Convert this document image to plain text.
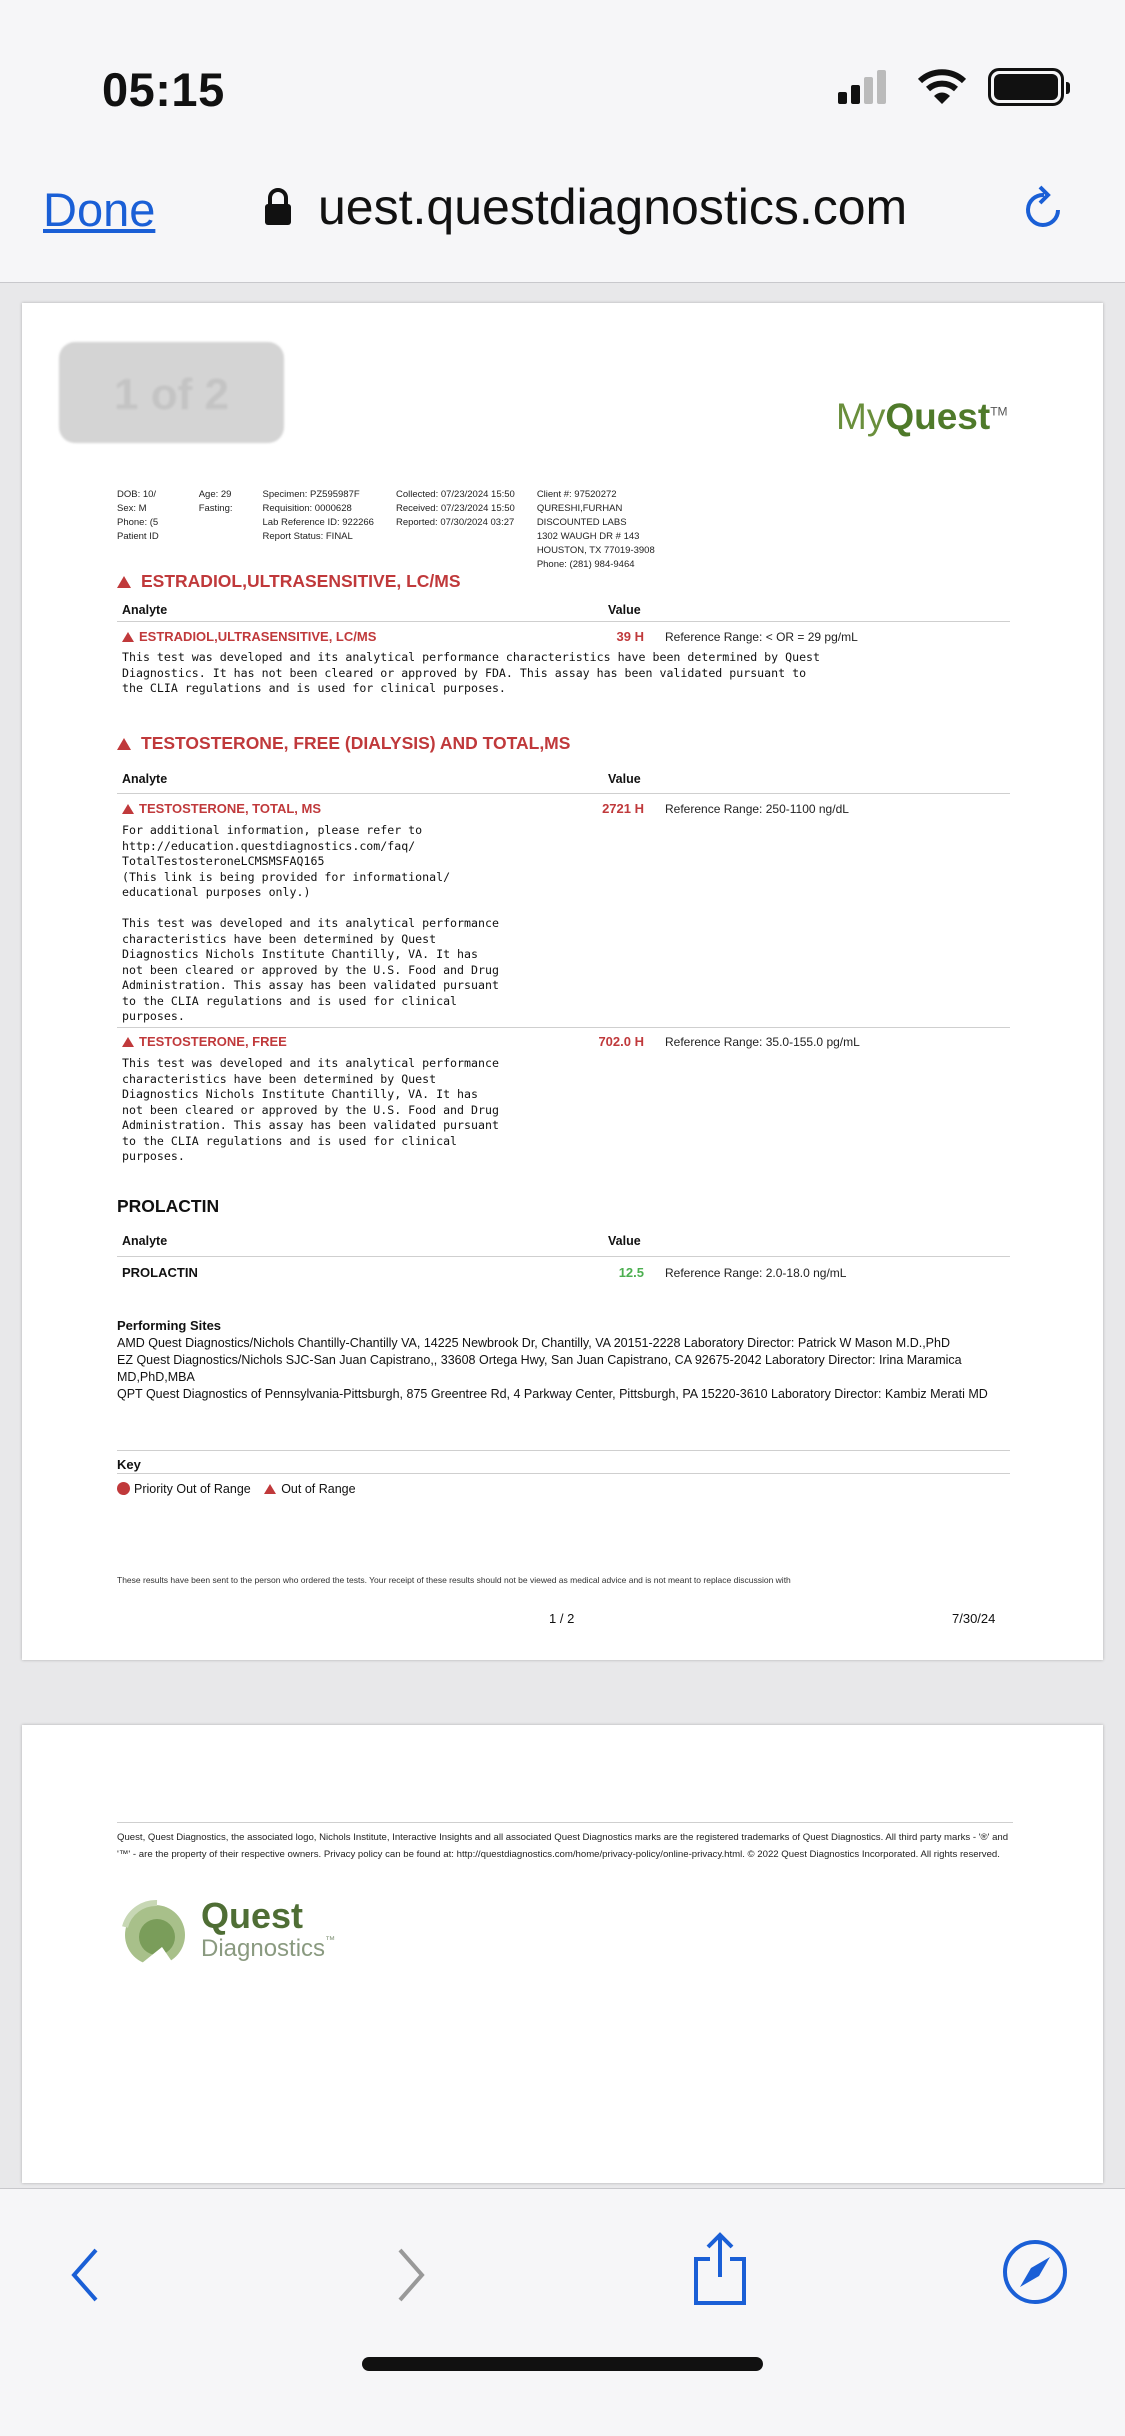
05:15
Done	uest.questdiagnostics.com
1 of 2	MyQuest™
DOB: 10/
Sex: M
Phone: (5
Patient ID
Age: 29
Fasting:
Specimen: PZ595987F
Requisition: 0000628
Lab Reference ID: 922266
Report Status: FINAL
Collected: 07/23/2024 15:50
Received: 07/23/2024 15:50
Reported: 07/30/2024 03:27
Client #: 97520272
QURESHI,FURHAN
DISCOUNTED LABS
1302 WAUGH DR # 143
HOUSTON, TX 77019-3908
Phone: (281) 984-9464
ESTRADIOL,ULTRASENSITIVE, LC/MS
Analyte	Value
ESTRADIOL,ULTRASENSITIVE, LC/MS	39 H Reference Range: < OR = 29 pg/mL
This test was developed and its analytical performance characteristics have been determined by Quest
Diagnostics. It has not been cleared or approved by FDA. This assay has been validated pursuant to
the CLIA regulations and is used for clinical purposes.
TESTOSTERONE, FREE (DIALYSIS) AND TOTAL,MS
Analyte	Value
TESTOSTERONE, TOTAL, MS	2721 H Reference Range: 250-1100 ng/dL
For additional information, please refer to
http://education.questdiagnostics.com/faq/
TotalTestosteroneLCMSMSFAQ165
(This link is being provided for informational/
educational purposes only.)

This test was developed and its analytical performance
characteristics have been determined by Quest
Diagnostics Nichols Institute Chantilly, VA. It has
not been cleared or approved by the U.S. Food and Drug
Administration. This assay has been validated pursuant
to the CLIA regulations and is used for clinical
purposes.
TESTOSTERONE, FREE	702.0 H Reference Range: 35.0-155.0 pg/mL
This test was developed and its analytical performance
characteristics have been determined by Quest
Diagnostics Nichols Institute Chantilly, VA. It has
not been cleared or approved by the U.S. Food and Drug
Administration. This assay has been validated pursuant
to the CLIA regulations and is used for clinical
purposes.
PROLACTIN
Analyte	Value
PROLACTIN	12.5 Reference Range: 2.0-18.0 ng/mL
Performing Sites
AMD Quest Diagnostics/Nichols Chantilly-Chantilly VA, 14225 Newbrook Dr, Chantilly, VA 20151-2228 Laboratory Director: Patrick W Mason M.D.,PhD
EZ Quest Diagnostics/Nichols SJC-San Juan Capistrano,, 33608 Ortega Hwy, San Juan Capistrano, CA 92675-2042 Laboratory Director: Irina Maramica MD,PhD,MBA
QPT Quest Diagnostics of Pennsylvania-Pittsburgh, 875 Greentree Rd, 4 Parkway Center, Pittsburgh, PA 15220-3610 Laboratory Director: Kambiz Merati MD
Key
Priority Out of Range Out of Range
These results have been sent to the person who ordered the tests. Your receipt of these results should not be viewed as medical advice and is not meant to replace discussion with
1 / 2	7/30/24
Quest, Quest Diagnostics, the associated logo, Nichols Institute, Interactive Insights and all associated Quest Diagnostics marks are the registered trademarks of Quest Diagnostics. All third party marks - '®' and '™' - are the property of their respective owners. Privacy policy can be found at: http://questdiagnostics.com/home/privacy-policy/online-privacy.html. © 2022 Quest Diagnostics Incorporated. All rights reserved.
Quest
Diagnostics™
